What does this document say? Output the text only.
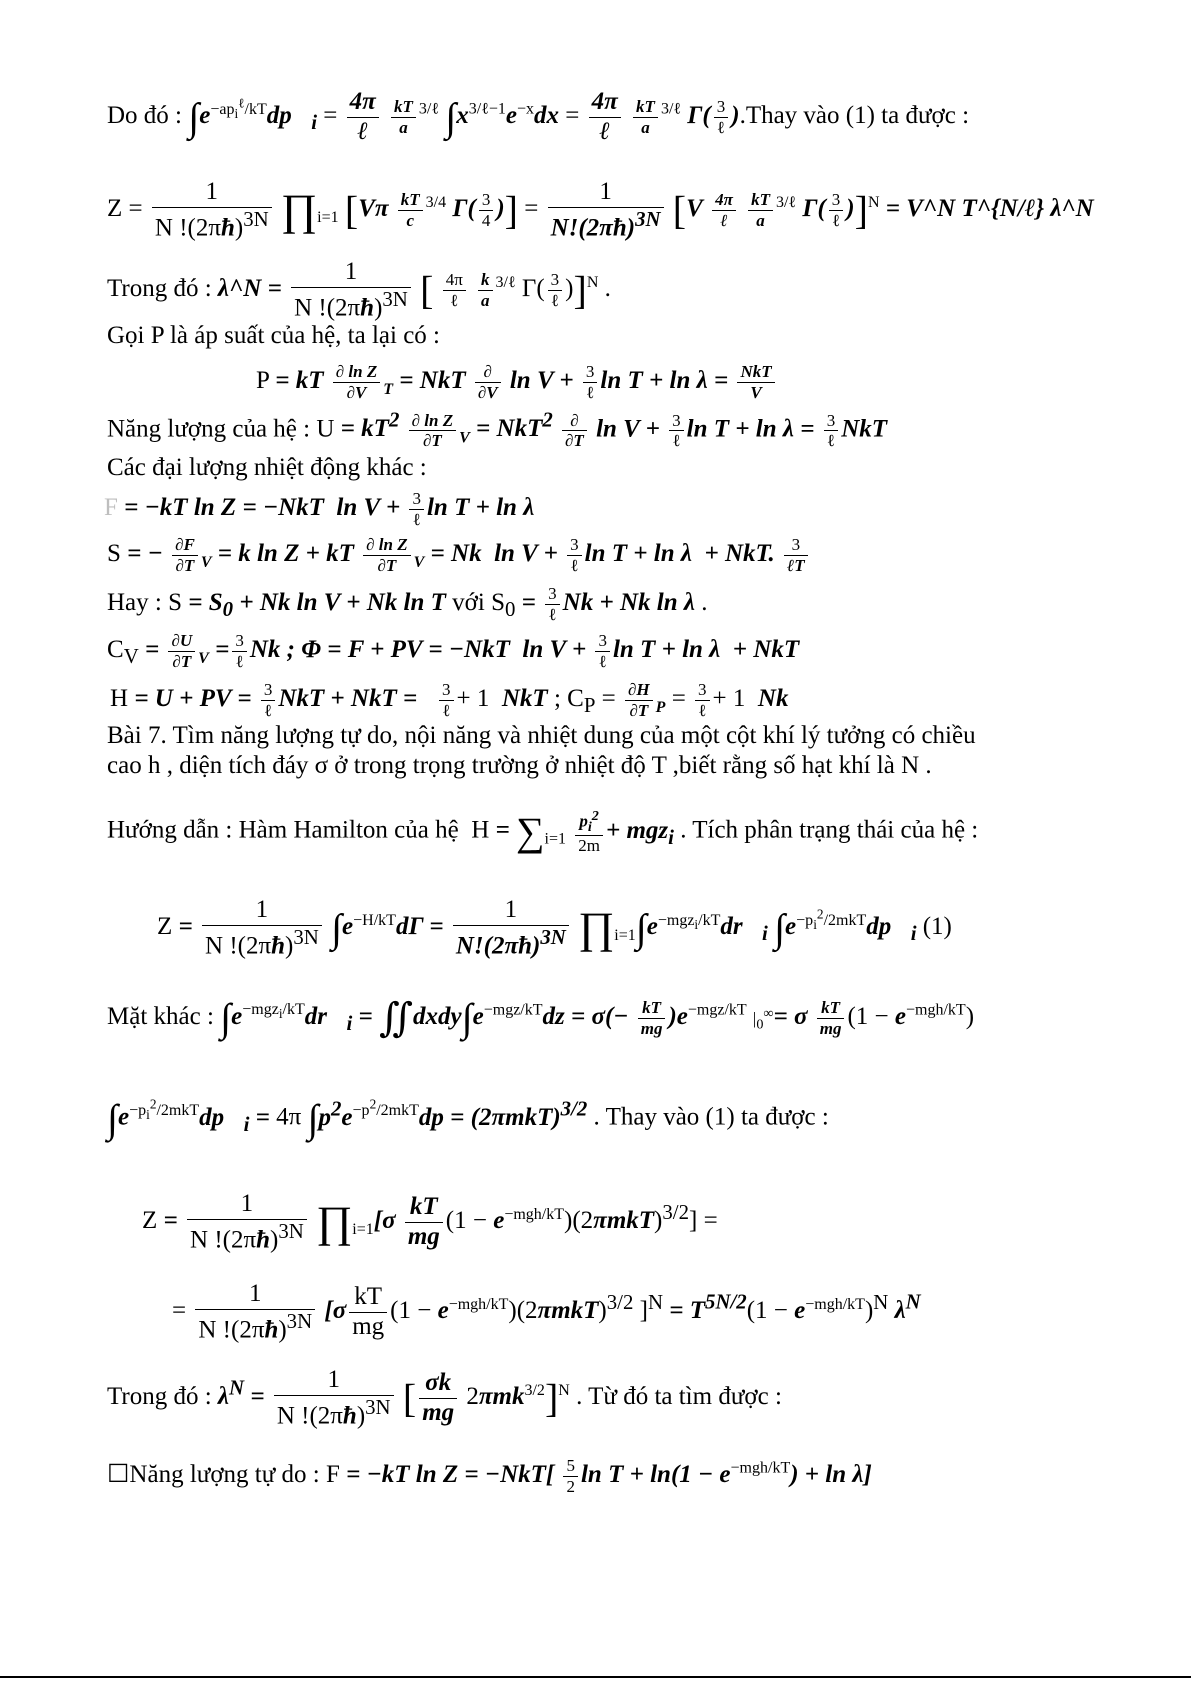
Do đó : $\int e^{-ap_i^\ell/kT}dp⃗_i = \frac{4\pi}{\text{ℓ}}$
$\frac{kT}{a} ^{3/\ell}$ $\int x^{3/\ell-1}e^{-x}dx = \frac{4\pi}{\text{ℓ}}$
$\frac{kT}{a} ^{3/\ell}$ $\Gamma( \frac{3}{\text{ℓ}}$ ).Thay vào (1) ta được :
$Z = \frac{1}{N !(2\pi ħ)^{3N}}$ $\prod_{i=1}$ [$V\pi \frac{kT}{c} ^{3/4}$ $\Gamma( \frac{3}{4}$ )] = $\frac{1}{N!(2\pi ħ)^{3N}} [V \frac{4\pi}{\text{ℓ}}$
$\frac{kT}{a} ^{3/\ell}$ $\Gamma( \frac{3}{\text{ℓ}} )]^N$ = V^N T^{N/ℓ} λ^N
Trong đó : λ^N = $\frac{1}{N !(2\pi ħ)^{3N}}$ [ $\frac{4\pi}{\text{ℓ}}$
$\frac{k}{a} ^{3/\ell}$ $\Gamma( \frac{3}{\text{ℓ}} )]^N$ .
Gọi P là áp suất của hệ, ta lại có :
P = kT $\frac{\text{∂ ln Z}}{\partial V} _T$ = NkT $\frac{\partial}{\partial V}$ $\ln V + \frac{3}{\text{ℓ}}$ $\ln T + \ln \lambda = \frac{\text{NkT}}{V}$
Năng lượng của hệ : $U = kT^2 \frac{\text{∂ ln Z}}{\partial T} _V = NkT^2 \frac{\partial}{\partial T}$ $\ln V + \frac{3}{\text{ℓ}}$ $\ln T + \ln \lambda = \frac{3}{\text{ℓ}}$ NkT
Các đại lượng nhiệt động khác :
F = −kT ln Z = −NkT  $\ln V + \frac{3}{\text{ℓ}}$ ln T + ln λ
S = − $\frac{\partial F}{\partial T} _V = k$ ln Z + kT $\frac{\text{∂ ln Z}}{\partial T} _V = Nk$  $\ln V + \frac{3}{\text{ℓ}}$ ln T + ln λ  + NkT. $\frac{3}{\text{ℓT}}$
Hay : $S = S_0 + Nk$ ln V + Nk ln T với $S_0 = \frac{3}{\text{ℓ}}$ Nk + Nk ln λ .
$C_V = \frac{\partial U}{\partial T} _V = \frac{3}{\text{ℓ}}$ Nk ; Φ = F + PV = −NkT  $\ln V + \frac{3}{\text{ℓ}}$ ln T + ln λ  + NkT
H = U + PV = $\frac{3}{\text{ℓ}}$ NkT + NkT = $\frac{3}{\text{ℓ}} + 1$  NkT ; $C_P = \frac{\partial H}{\partial T} _P = \frac{3}{\text{ℓ}} + 1$  Nk
Bài 7. Tìm năng lượng tự do, nội năng và nhiệt dung của một cột khí lý tưởng có chiều
cao h , diện tích đáy σ ở trong trọng trường ở nhiệt độ T ,biết rằng số hạt khí là N .
Hướng dẫn : Hàm Hamilton của hệ  $H = \sum_{i=1} \frac{p_i^2}{2m} + mgz_i$ . Tích phân trạng thái của hệ :
$Z = \frac{1}{N !(2\pi ħ)^{3N}} \int e^{-H/kT}d\Gamma = \frac{1}{N!(2\pi ħ)^{3N}}$ $\prod_{i=1}\int e^{-mgz_i/kT}dr⃗_i$ $\int e^{-p_i^2/2mkT}dp⃗_i$ (1)
Mặt khác : $\int e^{-mgz_i/kT}dr⃗_i$ = $∬dxdy\int e^{-mgz/kT}dz = \sigma(- \frac{kT}{mg} )e^{-mgz/kT}$ $|_0^\infty= \sigma \frac{kT}{mg} (1 - e^{-mgh/kT})$
$\int e^{-p_i^2/2mkT}dp⃗_i = 4\pi$ $\int p^2e^{-p^2/2mkT}dp = (2\pi mkT)^{3/2}$ . Thay vào (1) ta được :
$Z = \frac{1}{N !(2\pi ħ)^{3N}}$ $\prod_{i=1}[\sigma \frac{kT}{mg} (1 - e^{-mgh/kT})(2\pi mkT)^{3/2}]$ =
= $\frac{1}{N !(2\pi ħ)^{3N}} [\sigma \frac{kT}{mg} (1 - e^{-mgh/kT})(2\pi mkT)^{3/2}$ ]$^N = T^{5N/2}(1 - e^{-mgh/kT})^N$ $\lambda^N$
Trong đó : $\lambda^N = \frac{1}{N !(2\pi ħ)^{3N}}$ [ $\frac{\sigma k}{mg} 2\pi mk^{3/2}]^N$ . Từ đó ta tìm được :
☐Năng lượng tự do : F = −kT $\ln Z = -NkT[ \frac{5}{2}$ $\ln T + \ln(1 - e^{-mgh/kT}) + \ln \lambda$]
